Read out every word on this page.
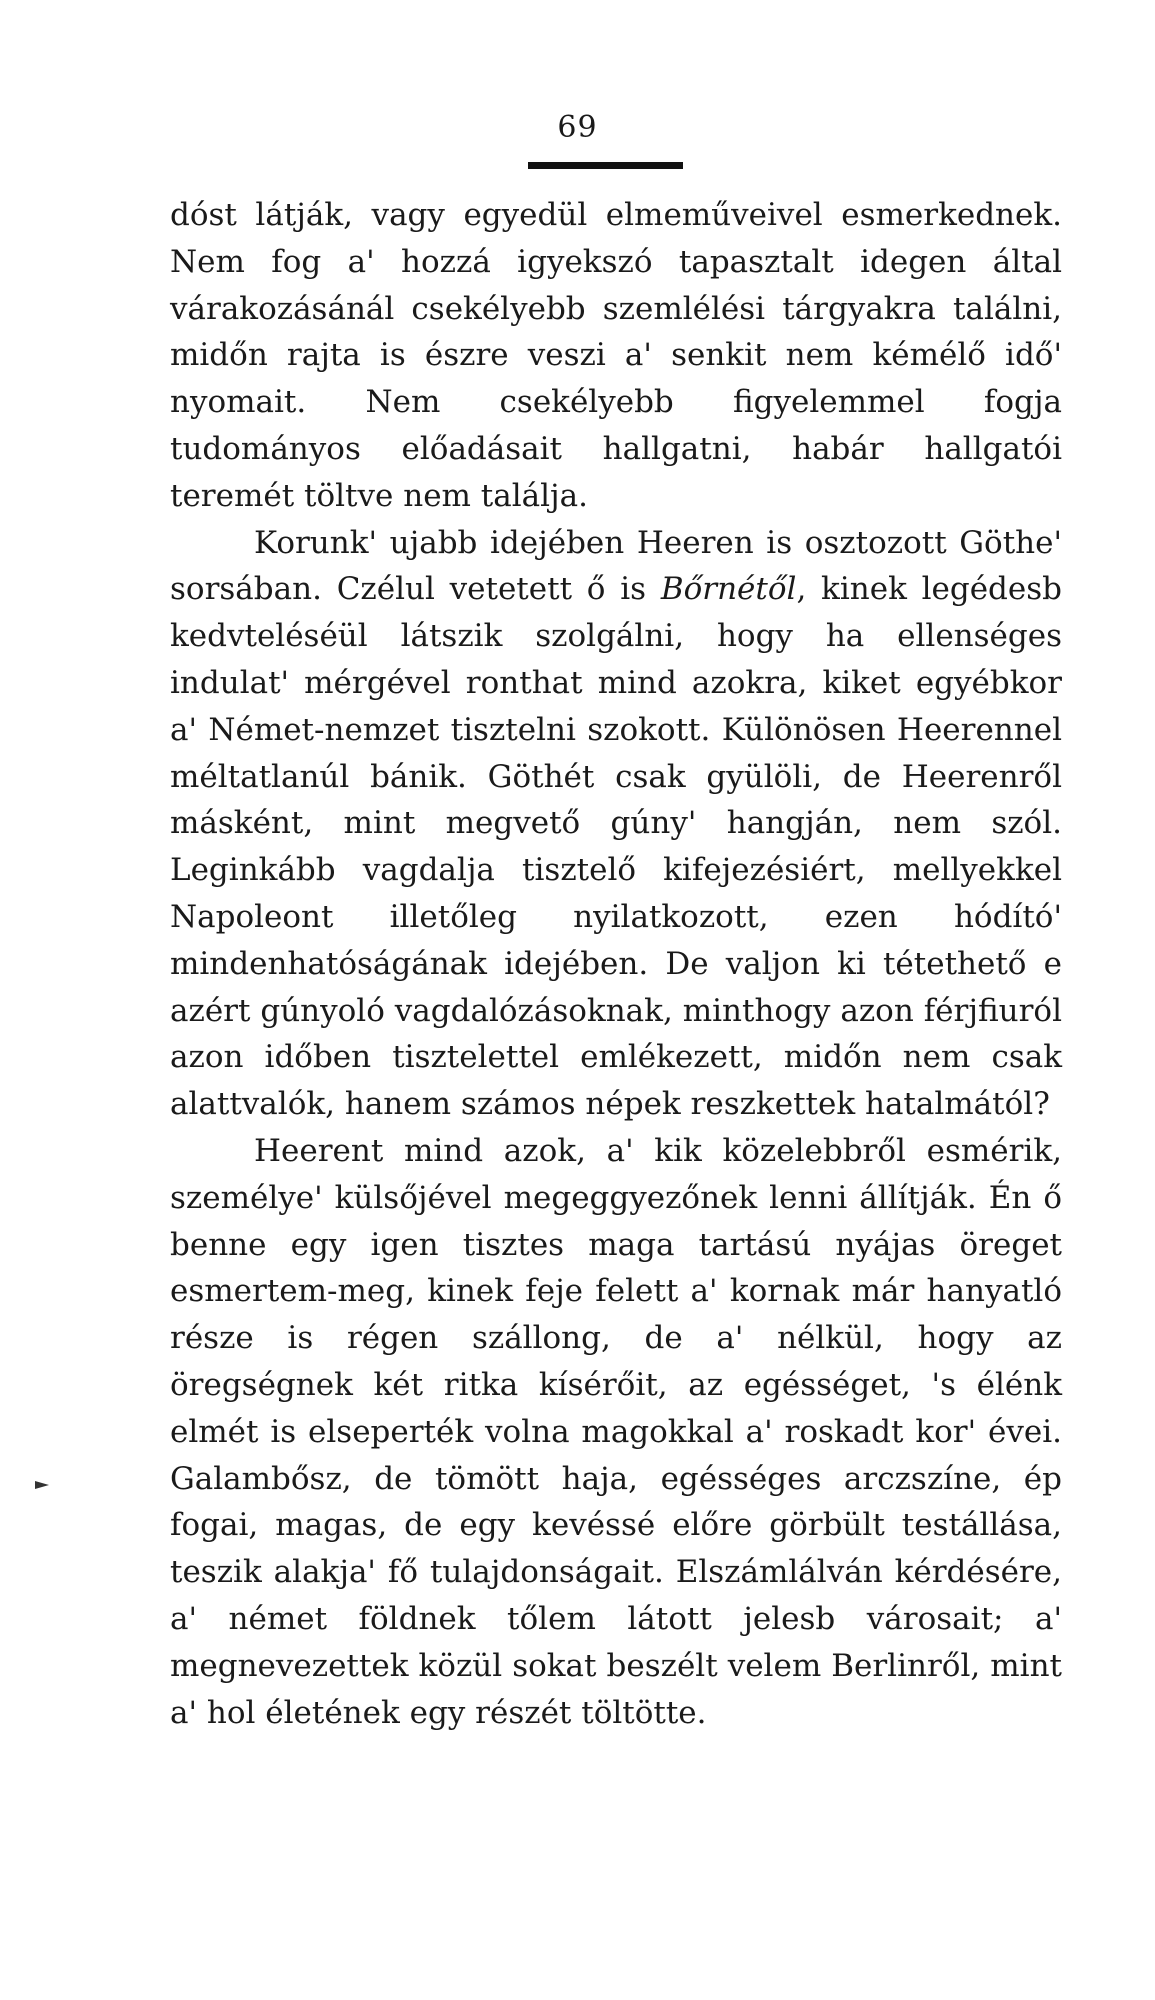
69

dóst látják, vagy egyedül elmeműveivel esmerkednek. Nem fog a' hozzá igyekszó tapasztalt idegen által várakozásánál csekélyebb szemlélési tárgyakra találni, midőn rajta is észre veszi a' senkit nem kémélő idő' nyomait. Nem csekélyebb figyelemmel fogja tudományos előadásait hallgatni, habár hallgatói teremét töltve nem találja.

Korunk' ujabb idejében Heeren is osztozott Göthe' sorsában. Czélul vetetett ő is Bőrnétől, kinek legédesb kedvteléséül látszik szolgálni, hogy ha ellenséges indulat' mérgével ronthat mind azokra, kiket egyébkor a' Német-nemzet tisztelni szokott. Különösen Heerennel méltatlanúl bánik. Göthét csak gyülöli, de Heerenről másként, mint megvető gúny' hangján, nem szól. Leginkább vagdalja tisztelő kifejezésiért, mellyekkel Napoleont illetőleg nyilatkozott, ezen hódító' mindenhatóságának idejében. De valjon ki tétethető e azért gúnyoló vagdalózásoknak, minthogy azon férjfiuról azon időben tisztelettel emlékezett, midőn nem csak alattvalók, hanem számos népek reszkettek hatalmától?

Heerent mind azok, a' kik közelebbről esmérik, személye' külsőjével megeggyezőnek lenni állítják. Én ő benne egy igen tisztes maga tartású nyájas öreget esmertem-meg, kinek feje felett a' kornak már hanyatló része is régen szállong, de a' nélkül, hogy az öregségnek két ritka kísérőit, az egésséget, 's élénk elmét is elseperték volna magokkal a' roskadt kor' évei. Galambősz, de tömött haja, egésséges arczszíne, ép fogai, magas, de egy kevéssé előre görbült testállása, teszik alakja' fő tulajdonságait. Elszámlálván kérdésére, a' német földnek tőlem látott jelesb városait; a' megnevezettek közül sokat beszélt velem Berlinről, mint a' hol életének egy részét töltötte.
